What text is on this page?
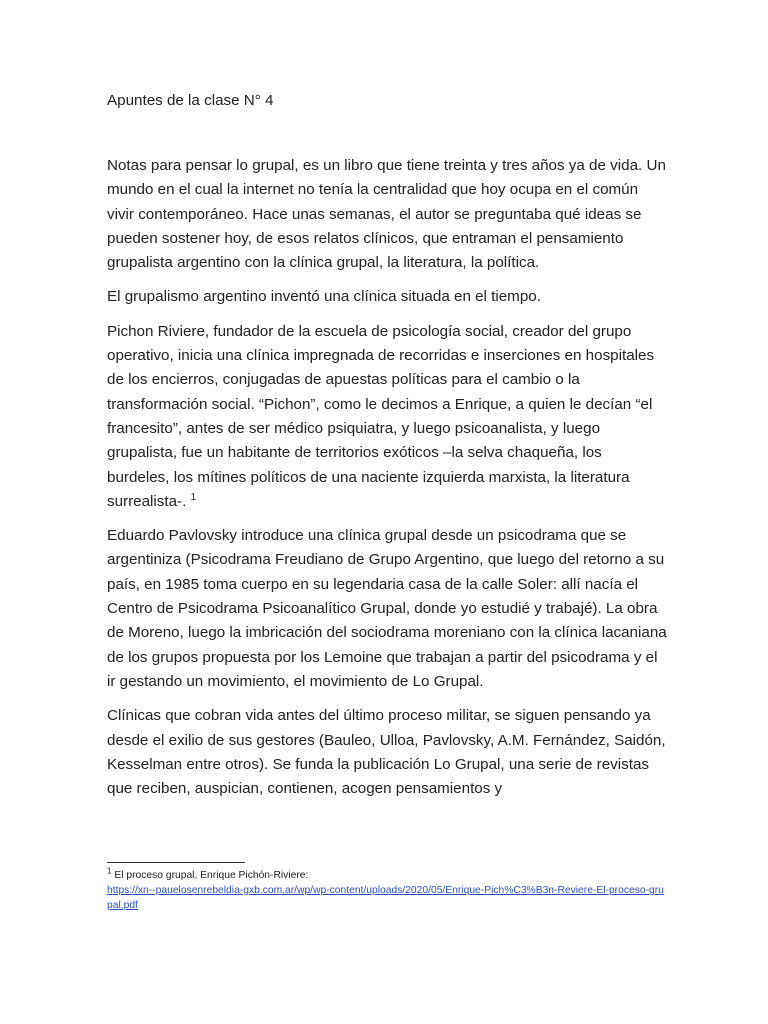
Apuntes de la clase N° 4

Notas para pensar lo grupal, es un libro que tiene treinta y tres años ya de vida. Un mundo en el cual la internet no tenía la centralidad que hoy ocupa en el común vivir contemporáneo. Hace unas semanas, el autor se preguntaba qué ideas se pueden sostener hoy, de esos relatos clínicos, que entraman el pensamiento grupalista argentino con la clínica grupal, la literatura, la política.

El grupalismo argentino inventó una clínica situada en el tiempo.

Pichon Riviere, fundador de la escuela de psicología social, creador del grupo operativo, inicia una clínica impregnada de recorridas e inserciones en hospitales de los encierros, conjugadas de apuestas políticas para el cambio o la transformación social. “Pichon”, como le decimos a Enrique, a quien le decían “el francesito”, antes de ser médico psiquiatra, y luego psicoanalista, y luego grupalista, fue un habitante de territorios exóticos –la selva chaqueña, los burdeles, los mítines políticos de una naciente izquierda marxista, la literatura surrealista-. $^1$

Eduardo Pavlovsky introduce una clínica grupal desde un psicodrama que se argentiniza (Psicodrama Freudiano de Grupo Argentino, que luego del retorno a su país, en 1985 toma cuerpo en su legendaria casa de la calle Soler: allí nacía el Centro de Psicodrama Psicoanalítico Grupal, donde yo estudié y trabajé). La obra de Moreno, luego la imbricación del sociodrama moreniano con la clínica lacaniana de los grupos propuesta por los Lemoine que trabajan a partir del psicodrama y el ir gestando un movimiento, el movimiento de Lo Grupal.

Clínicas que cobran vida antes del último proceso militar, se siguen pensando ya desde el exilio de sus gestores (Bauleo, Ulloa, Pavlovsky, A.M. Fernández, Saidón, Kesselman entre otros). Se funda la publicación Lo Grupal, una serie de revistas que reciben, auspician, contienen, acogen pensamientos y

$^1$ El proceso grupal, Enrique Pichón-Riviere:
https://xn--pauelosenrebeldia-gxb.com.ar/wp/wp-content/uploads/2020/05/Enrique-Pich%C3%B3n-Reviere-El-proceso-grupal.pdf
